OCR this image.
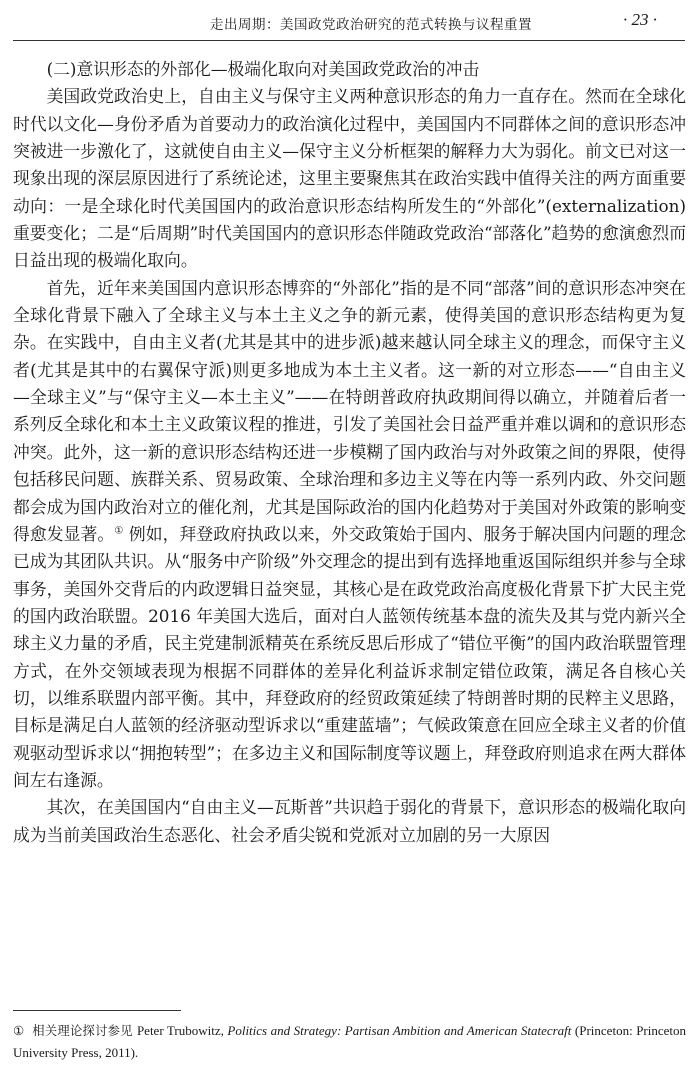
走出周期：美国政党政治研究的范式转换与议程重置	· 23 ·

(二)意识形态的外部化—极端化取向对美国政党政治的冲击

美国政党政治史上，自由主义与保守主义两种意识形态的角力一直存在。然而在全球化时代以文化—身份矛盾为首要动力的政治演化过程中，美国国内不同群体之间的意识形态冲突被进一步激化了，这就使自由主义—保守主义分析框架的解释力大为弱化。前文已对这一现象出现的深层原因进行了系统论述，这里主要聚焦其在政治实践中值得关注的两方面重要动向：一是全球化时代美国国内的政治意识形态结构所发生的“外部化”(externalization)重要变化；二是“后周期”时代美国国内的意识形态伴随政党政治“部落化”趋势的愈演愈烈而日益出现的极端化取向。

首先，近年来美国国内意识形态博弈的“外部化”指的是不同“部落”间的意识形态冲突在全球化背景下融入了全球主义与本土主义之争的新元素，使得美国的意识形态结构更为复杂。在实践中，自由主义者(尤其是其中的进步派)越来越认同全球主义的理念，而保守主义者(尤其是其中的右翼保守派)则更多地成为本土主义者。这一新的对立形态——“自由主义—全球主义”与“保守主义—本土主义”——在特朗普政府执政期间得以确立，并随着后者一系列反全球化和本土主义政策议程的推进，引发了美国社会日益严重并难以调和的意识形态冲突。此外，这一新的意识形态结构还进一步模糊了国内政治与对外政策之间的界限，使得包括移民问题、族群关系、贸易政策、全球治理和多边主义等在内等一系列内政、外交问题都会成为国内政治对立的催化剂，尤其是国际政治的国内化趋势对于美国对外政策的影响变得愈发显著。① 例如，拜登政府执政以来，外交政策始于国内、服务于解决国内问题的理念已成为其团队共识。从“服务中产阶级”外交理念的提出到有选择地重返国际组织并参与全球事务，美国外交背后的内政逻辑日益突显，其核心是在政党政治高度极化背景下扩大民主党的国内政治联盟。2016 年美国大选后，面对白人蓝领传统基本盘的流失及其与党内新兴全球主义力量的矛盾，民主党建制派精英在系统反思后形成了“错位平衡”的国内政治联盟管理方式，在外交领域表现为根据不同群体的差异化利益诉求制定错位政策，满足各自核心关切，以维系联盟内部平衡。其中，拜登政府的经贸政策延续了特朗普时期的民粹主义思路，目标是满足白人蓝领的经济驱动型诉求以“重建蓝墙”；气候政策意在回应全球主义者的价值观驱动型诉求以“拥抱转型”；在多边主义和国际制度等议题上，拜登政府则追求在两大群体间左右逢源。

其次，在美国国内“自由主义—瓦斯普”共识趋于弱化的背景下，意识形态的极端化取向成为当前美国政治生态恶化、社会矛盾尖锐和党派对立加剧的另一大原因

① 相关理论探讨参见 Peter Trubowitz, Politics and Strategy: Partisan Ambition and American Statecraft (Princeton: Princeton University Press, 2011).
